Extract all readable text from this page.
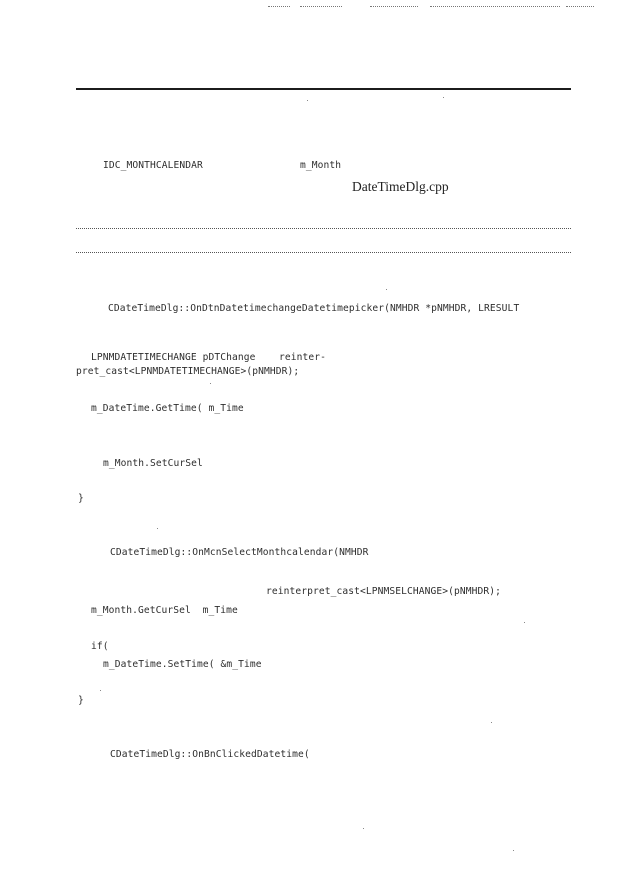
IDC_MONTHCALENDAR	m_Month
DateTimeDlg.cpp
CDateTimeDlg::OnDtnDatetimechangeDatetimepicker(NMHDR *pNMHDR, LRESULT
LPNMDATETIMECHANGE pDTChange    reinter-
pret_cast<LPNMDATETIMECHANGE>(pNMHDR);
m_DateTime.GetTime( m_Time
m_Month.SetCurSel
}
CDateTimeDlg::OnMcnSelectMonthcalendar(NMHDR
reinterpret_cast<LPNMSELCHANGE>(pNMHDR);
m_Month.GetCurSel  m_Time
if(
m_DateTime.SetTime( &m_Time
}
CDateTimeDlg::OnBnClickedDatetime(
